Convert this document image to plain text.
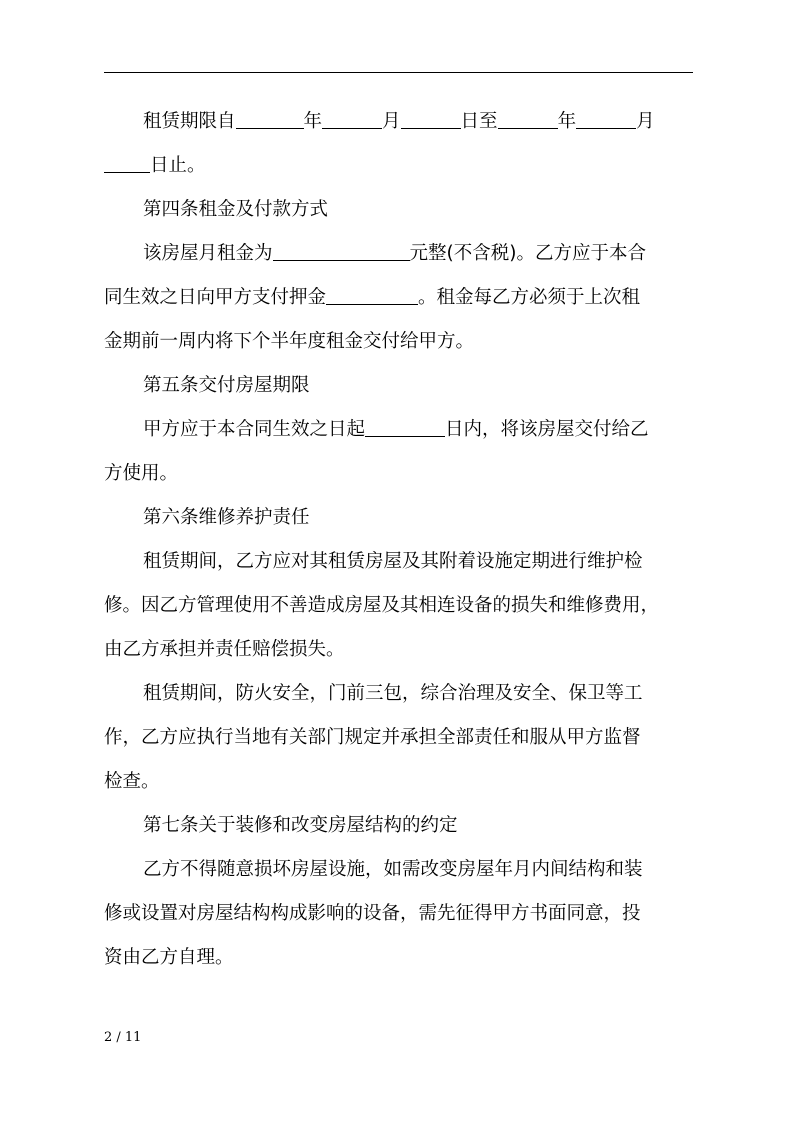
租赁期限自	年	月	日至	年	月
日止。
第四条租金及付款方式
该房屋月租金为	元整(不含税)。乙方应于本合
同生效之日向甲方支付押金	。租金每乙方必须于上次租
金期前一周内将下个半年度租金交付给甲方。
第五条交付房屋期限
甲方应于本合同生效之日起	日内，将该房屋交付给乙
方使用。
第六条维修养护责任
租赁期间，乙方应对其租赁房屋及其附着设施定期进行维护检
修。因乙方管理使用不善造成房屋及其相连设备的损失和维修费用，
由乙方承担并责任赔偿损失。
租赁期间，防火安全，门前三包，综合治理及安全、保卫等工
作，乙方应执行当地有关部门规定并承担全部责任和服从甲方监督
检查。
第七条关于装修和改变房屋结构的约定
乙方不得随意损坏房屋设施，如需改变房屋年月内间结构和装
修或设置对房屋结构构成影响的设备，需先征得甲方书面同意，投
资由乙方自理。
2 / 11
